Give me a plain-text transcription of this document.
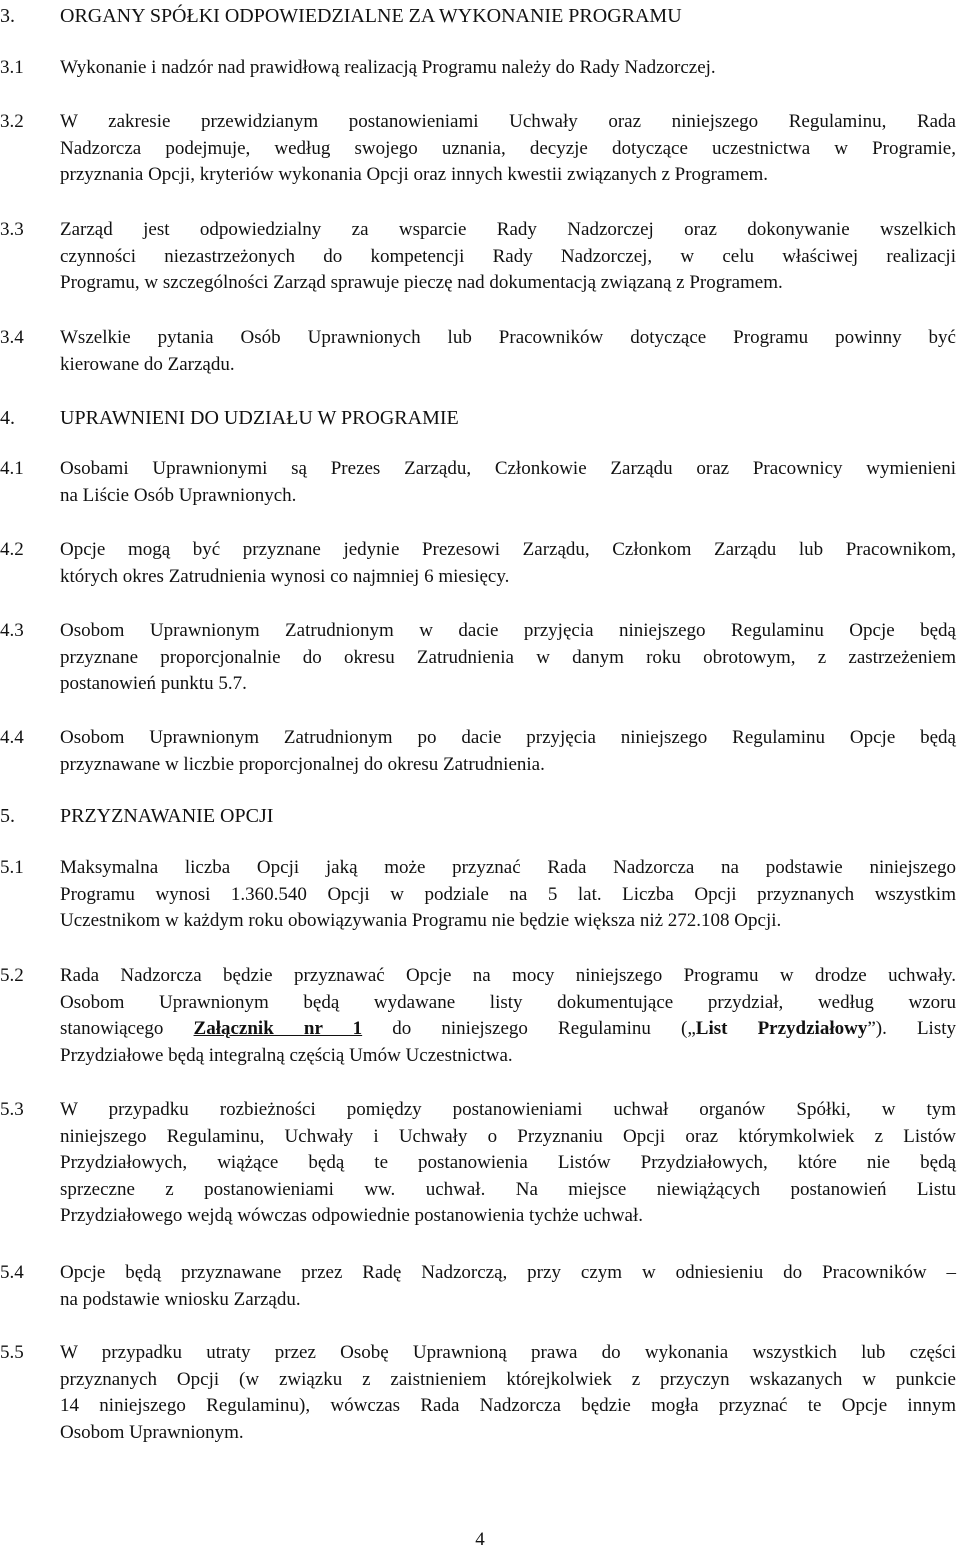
3.	ORGANY SPÓŁKI ODPOWIEDZIALNE ZA WYKONANIE PROGRAMU
3.1	Wykonanie i nadzór nad prawidłową realizacją Programu należy do Rady Nadzorczej.
3.2	W zakresie przewidzianym postanowieniami Uchwały oraz niniejszego Regulaminu, Rada
Nadzorcza podejmuje, według swojego uznania, decyzje dotyczące uczestnictwa w Programie,
przyznania Opcji, kryteriów wykonania Opcji oraz innych kwestii związanych z Programem.
3.3	Zarząd jest odpowiedzialny za wsparcie Rady Nadzorczej oraz dokonywanie wszelkich
czynności niezastrzeżonych do kompetencji Rady Nadzorczej, w celu właściwej realizacji
Programu, w szczególności Zarząd sprawuje pieczę nad dokumentacją związaną z Programem.
3.4	Wszelkie pytania Osób Uprawnionych lub Pracowników dotyczące Programu powinny być
kierowane do Zarządu.
4.	UPRAWNIENI DO UDZIAŁU W PROGRAMIE
4.1	Osobami Uprawnionymi są Prezes Zarządu, Członkowie Zarządu oraz Pracownicy wymienieni
na Liście Osób Uprawnionych.
4.2	Opcje mogą być przyznane jedynie Prezesowi Zarządu, Członkom Zarządu lub Pracownikom,
których okres Zatrudnienia wynosi co najmniej 6 miesięcy.
4.3	Osobom Uprawnionym Zatrudnionym w dacie przyjęcia niniejszego Regulaminu Opcje będą
przyznane proporcjonalnie do okresu Zatrudnienia w danym roku obrotowym, z zastrzeżeniem
postanowień punktu 5.7.
4.4	Osobom Uprawnionym Zatrudnionym po dacie przyjęcia niniejszego Regulaminu Opcje będą
przyznawane w liczbie proporcjonalnej do okresu Zatrudnienia.
5.	PRZYZNAWANIE OPCJI
5.1	Maksymalna liczba Opcji jaką może przyznać Rada Nadzorcza na podstawie niniejszego
Programu wynosi 1.360.540 Opcji w podziale na 5 lat. Liczba Opcji przyznanych wszystkim
Uczestnikom w każdym roku obowiązywania Programu nie będzie większa niż 272.108 Opcji.
5.2	Rada Nadzorcza będzie przyznawać Opcje na mocy niniejszego Programu w drodze uchwały.
Osobom Uprawnionym będą wydawane listy dokumentujące przydział, według wzoru
stanowiącego Załącznik nr 1 do niniejszego Regulaminu („List Przydziałowy”). Listy
Przydziałowe będą integralną częścią Umów Uczestnictwa.
5.3	W przypadku rozbieżności pomiędzy postanowieniami uchwał organów Spółki, w tym
niniejszego Regulaminu, Uchwały i Uchwały o Przyznaniu Opcji oraz którymkolwiek z Listów
Przydziałowych, wiążące będą te postanowienia Listów Przydziałowych, które nie będą
sprzeczne z postanowieniami ww. uchwał. Na miejsce niewiążących postanowień Listu
Przydziałowego wejdą wówczas odpowiednie postanowienia tychże uchwał.
5.4	Opcje będą przyznawane przez Radę Nadzorczą, przy czym w odniesieniu do Pracowników –
na podstawie wniosku Zarządu.
5.5	W przypadku utraty przez Osobę Uprawnioną prawa do wykonania wszystkich lub części
przyznanych Opcji (w związku z zaistnieniem którejkolwiek z przyczyn wskazanych w punkcie
14 niniejszego Regulaminu), wówczas Rada Nadzorcza będzie mogła przyznać te Opcje innym
Osobom Uprawnionym.
4
